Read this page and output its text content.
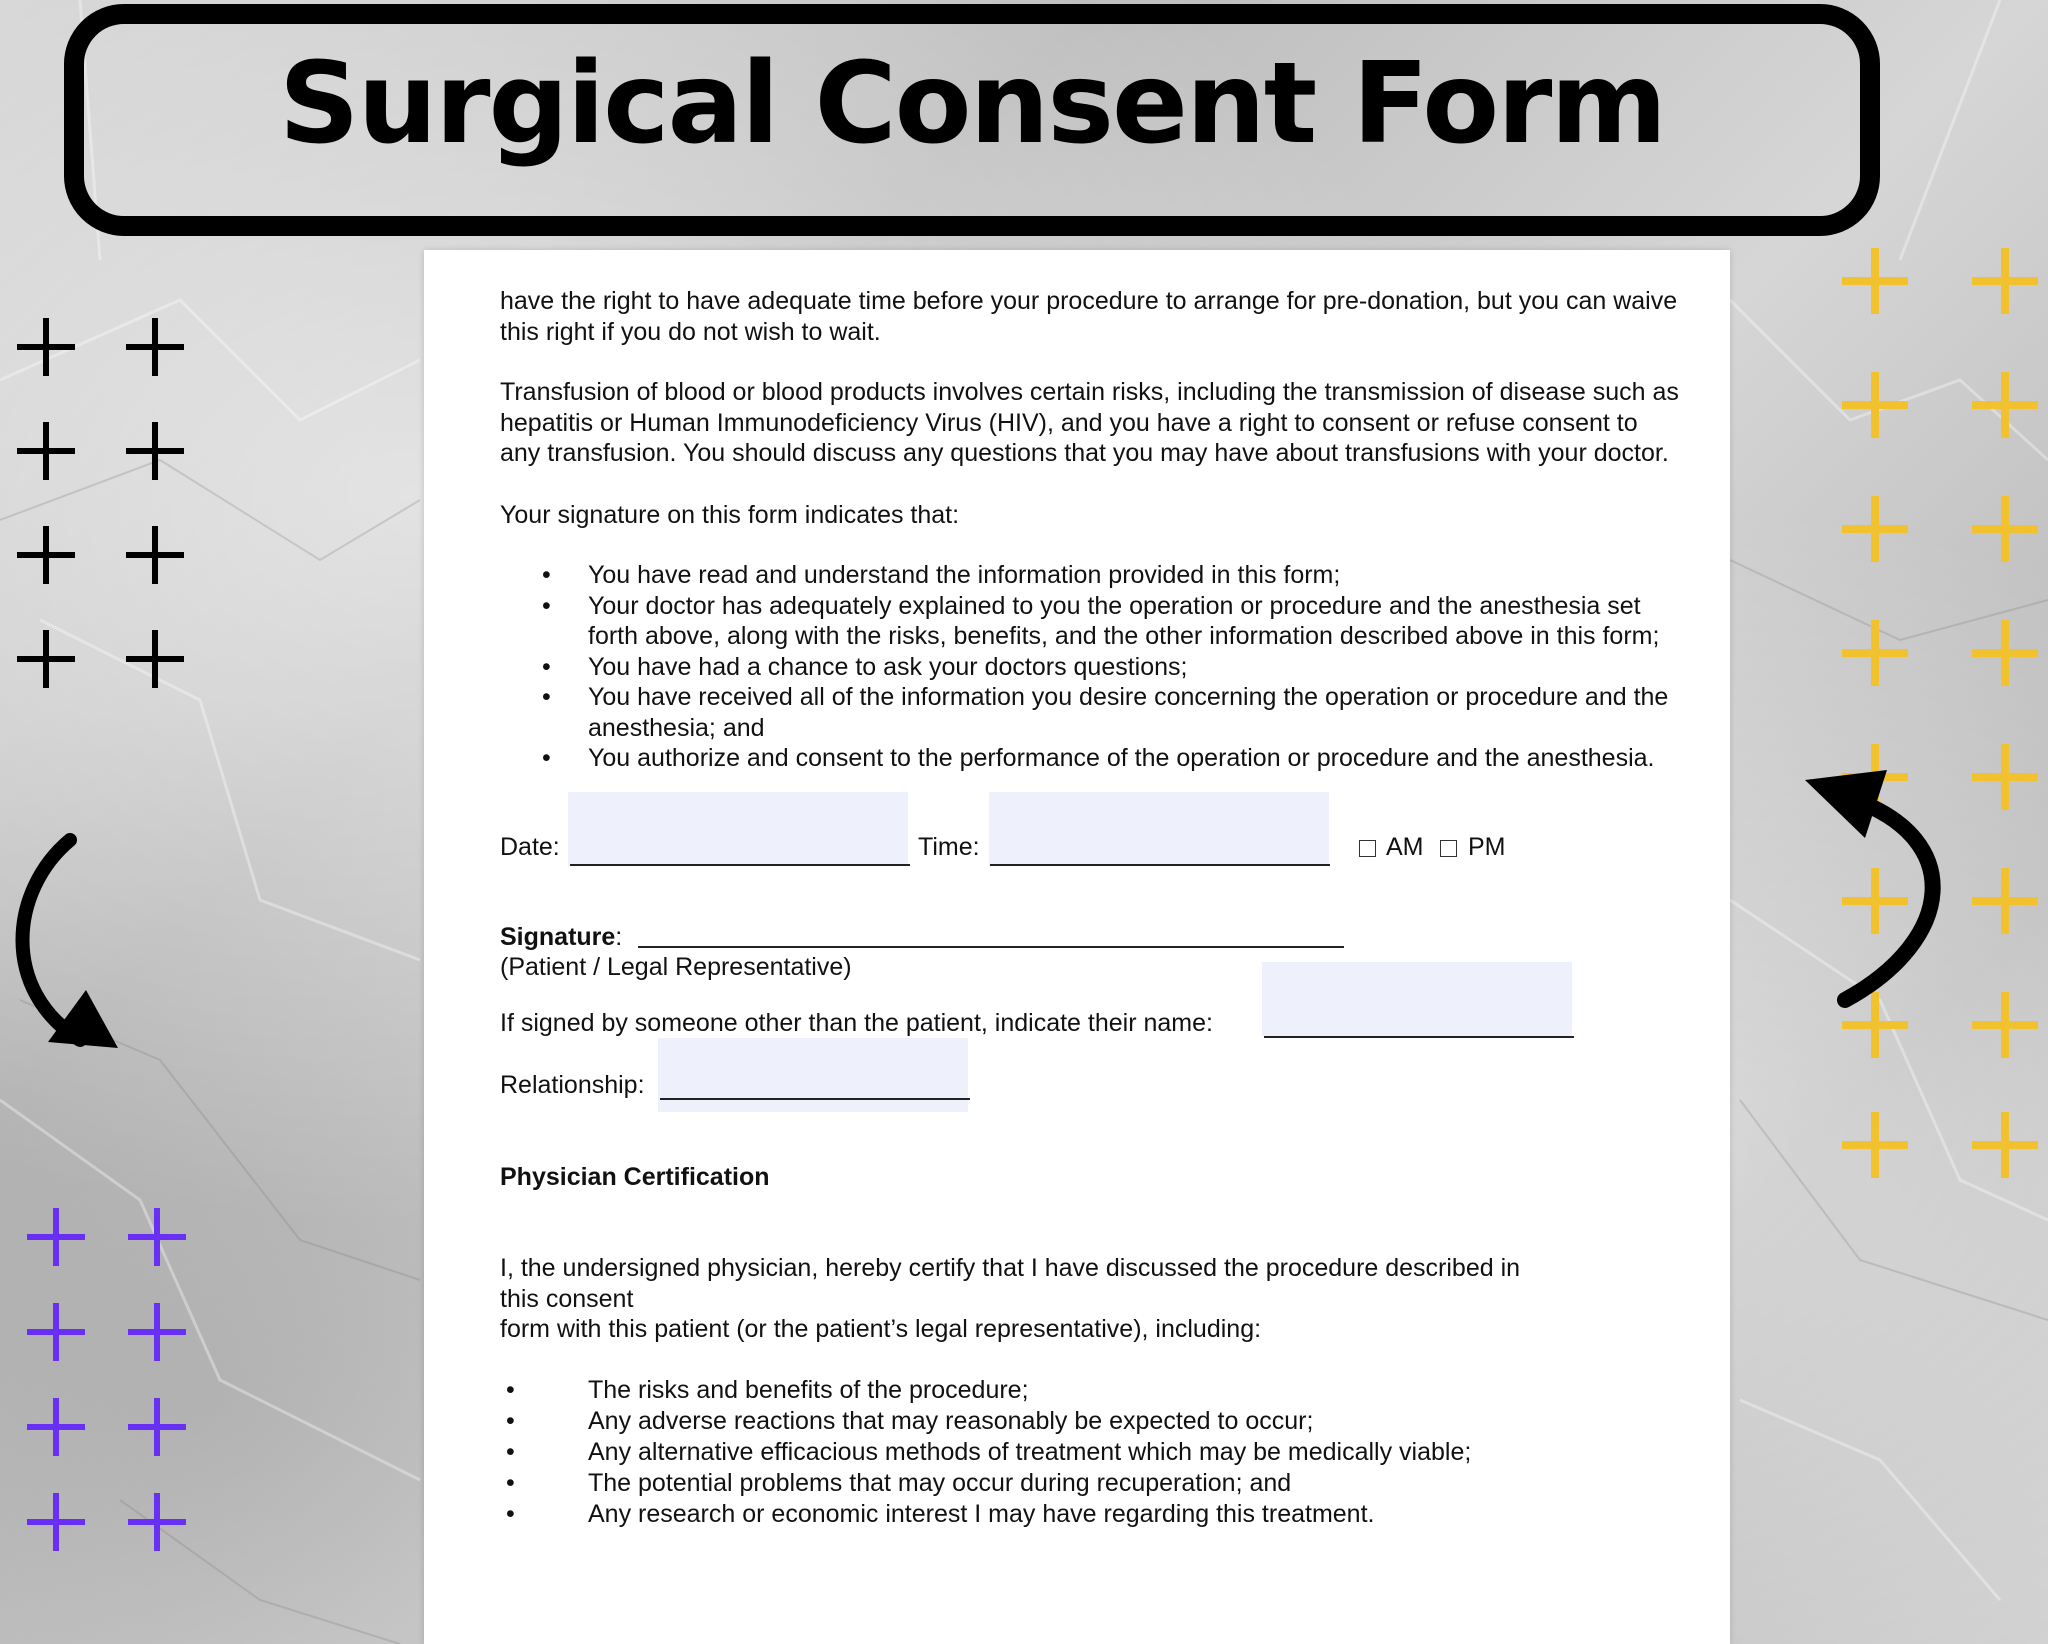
Surgical Consent Form

have the right to have adequate time before your procedure to arrange for pre-donation, but you can waive this right if you do not wish to wait.

Transfusion of blood or blood products involves certain risks, including the transmission of disease such as hepatitis or Human Immunodeficiency Virus (HIV), and you have a right to consent or refuse consent to any transfusion. You should discuss any questions that you may have about transfusions with your doctor.

Your signature on this form indicates that:

• You have read and understand the information provided in this form;
• Your doctor has adequately explained to you the operation or procedure and the anesthesia set forth above, along with the risks, benefits, and the other information described above in this form;
• You have had a chance to ask your doctors questions;
• You have received all of the information you desire concerning the operation or procedure and the anesthesia; and
• You authorize and consent to the performance of the operation or procedure and the anesthesia.
Date:	Time:	AM PM
Signature:
(Patient / Legal Representative)
If signed by someone other than the patient, indicate their name:
Relationship:

Physician Certification

I, the undersigned physician, hereby certify that I have discussed the procedure described in

this consent

form with this patient (or the patient’s legal representative), including:

•	The risks and benefits of the procedure;
•	Any adverse reactions that may reasonably be expected to occur;
•	Any alternative efficacious methods of treatment which may be medically viable;
•	The potential problems that may occur during recuperation; and
•	Any research or economic interest I may have regarding this treatment.
